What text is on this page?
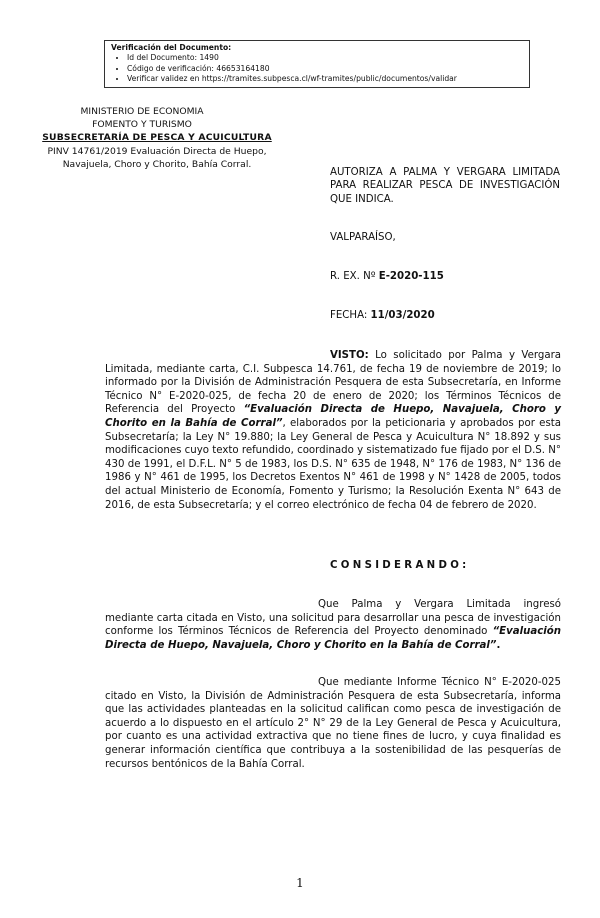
Verificación del Documento:
• Id del Documento: 1490
• Código de verificación: 46653164180
• Verificar validez en https://tramites.subpesca.cl/wf-tramites/public/documentos/validar
MINISTERIO DE ECONOMIA
FOMENTO Y TURISMO
SUBSECRETARÍA DE PESCA Y ACUICULTURA
PINV 14761/2019 Evaluación Directa de Huepo,
Navajuela, Choro y Chorito, Bahía Corral.
AUTORIZA A PALMA Y VERGARA LIMITADA PARA REALIZAR PESCA DE INVESTIGACIÓN QUE INDICA.
VALPARAÍSO,
R. EX. Nº E-2020-115
FECHA: 11/03/2020

VISTO: Lo solicitado por Palma y Vergara Limitada, mediante carta, C.I. Subpesca 14.761, de fecha 19 de noviembre de 2019; lo informado por la División de Administración Pesquera de esta Subsecretaría, en Informe Técnico N° E-2020-025, de fecha 20 de enero de 2020; los Términos Técnicos de Referencia del Proyecto “Evaluación Directa de Huepo, Navajuela, Choro y Chorito en la Bahía de Corral”, elaborados por la peticionaria y aprobados por esta Subsecretaría; la Ley N° 19.880; la Ley General de Pesca y Acuicultura N° 18.892 y sus modificaciones cuyo texto refundido, coordinado y sistematizado fue fijado por el D.S. N° 430 de 1991, el D.F.L. N° 5 de 1983, los D.S. N° 635 de 1948, N° 176 de 1983, N° 136 de 1986 y N° 461 de 1995, los Decretos Exentos N° 461 de 1998 y N° 1428 de 2005, todos del actual Ministerio de Economía, Fomento y Turismo; la Resolución Exenta N° 643 de 2016, de esta Subsecretaría; y el correo electrónico de fecha 04 de febrero de 2020.

CONSIDERANDO:

Que Palma y Vergara Limitada ingresó mediante carta citada en Visto, una solicitud para desarrollar una pesca de investigación conforme los Términos Técnicos de Referencia del Proyecto denominado “Evaluación Directa de Huepo, Navajuela, Choro y Chorito en la Bahía de Corral”.

Que mediante Informe Técnico N° E-2020-025 citado en Visto, la División de Administración Pesquera de esta Subsecretaría, informa que las actividades planteadas en la solicitud califican como pesca de investigación de acuerdo a lo dispuesto en el artículo 2° N° 29 de la Ley General de Pesca y Acuicultura, por cuanto es una actividad extractiva que no tiene fines de lucro, y cuya finalidad es generar información científica que contribuya a la sostenibilidad de las pesquerías de recursos bentónicos de la Bahía Corral.

1
